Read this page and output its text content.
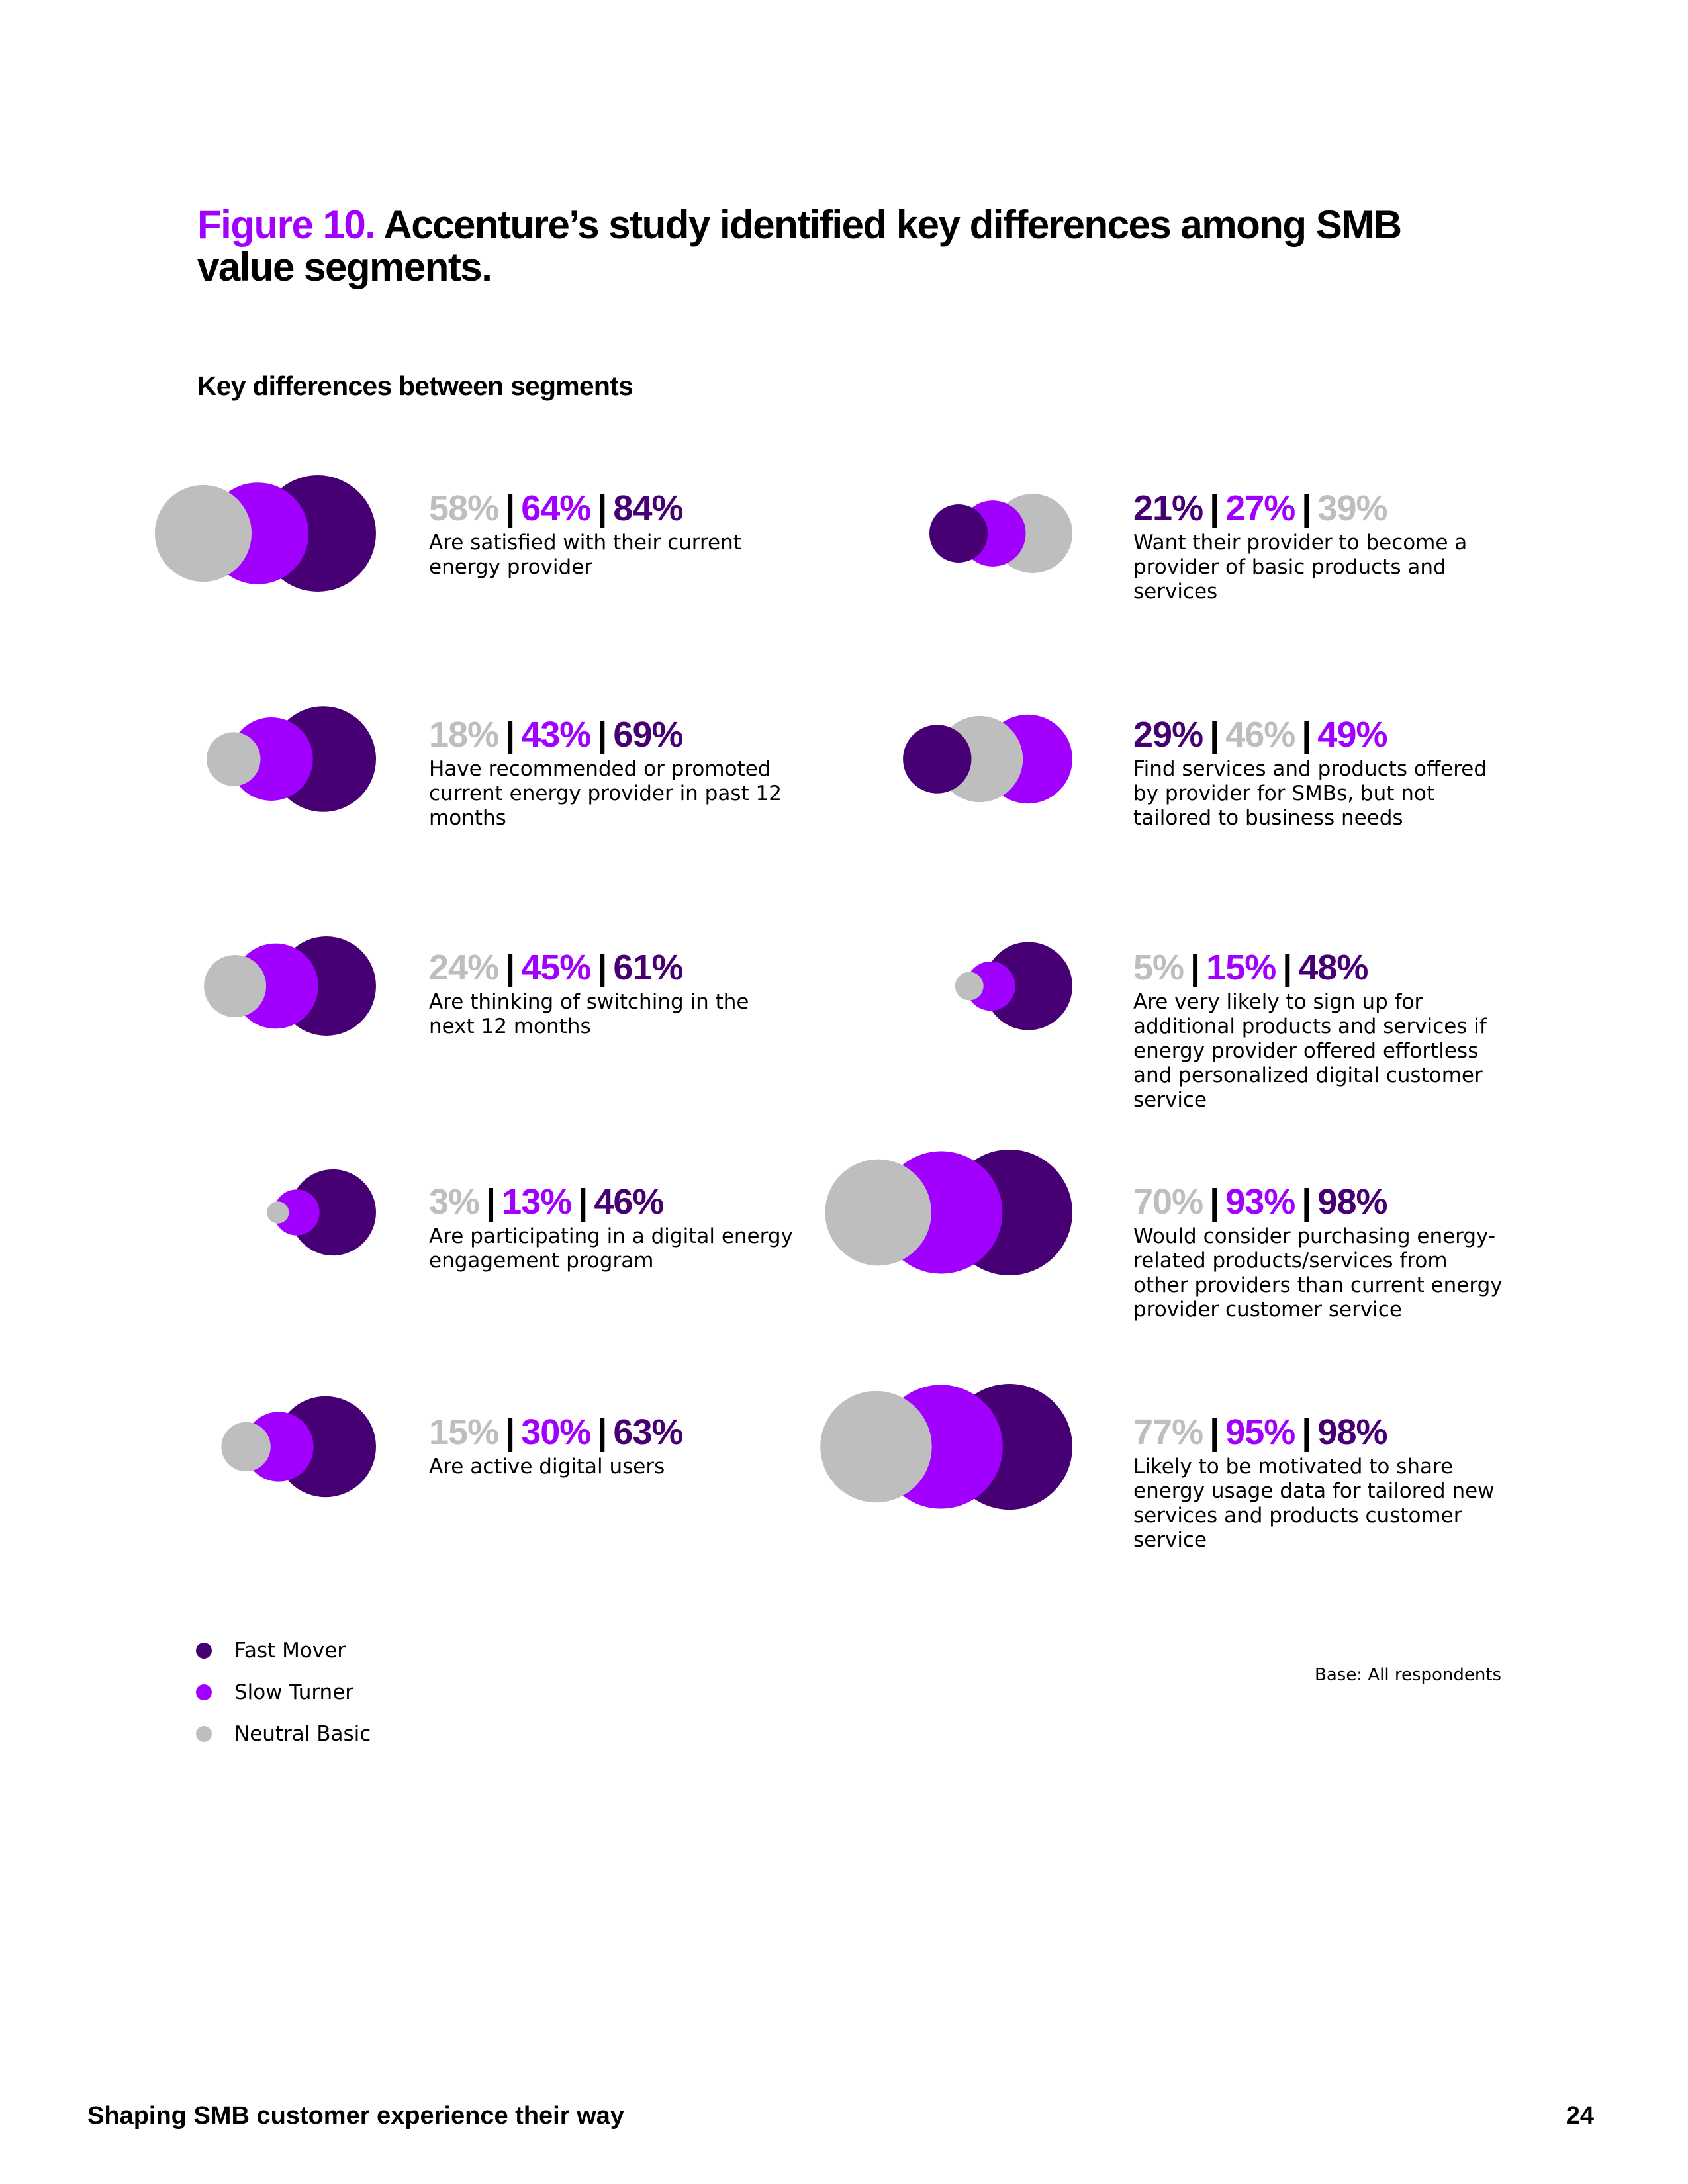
Figure 10. Accenture’s study identified key differences among SMB value segments.
Key differences between segments
58% | 64% | 84%
Are satisfied with their current energy provider
18% | 43% | 69%
Have recommended or promoted current energy provider in past 12 months
24% | 45% | 61%
Are thinking of switching in the next 12 months
3% | 13% | 46%
Are participating in a digital energy engagement program
15% | 30% | 63%
Are active digital users
21% | 27% | 39%
Want their provider to become a provider of basic products and services
29% | 46% | 49%
Find services and products offered by provider for SMBs, but not tailored to business needs
5% | 15% | 48%
Are very likely to sign up for additional products and services if energy provider offered effortless and personalized digital customer service
70% | 93% | 98%
Would consider purchasing energy-related products/services from other providers than current energy provider customer service
77% | 95% | 98%
Likely to be motivated to share energy usage data for tailored new services and products customer service
Fast Mover
Slow Turner
Neutral Basic
Base: All respondents
Shaping SMB customer experience their way	24
